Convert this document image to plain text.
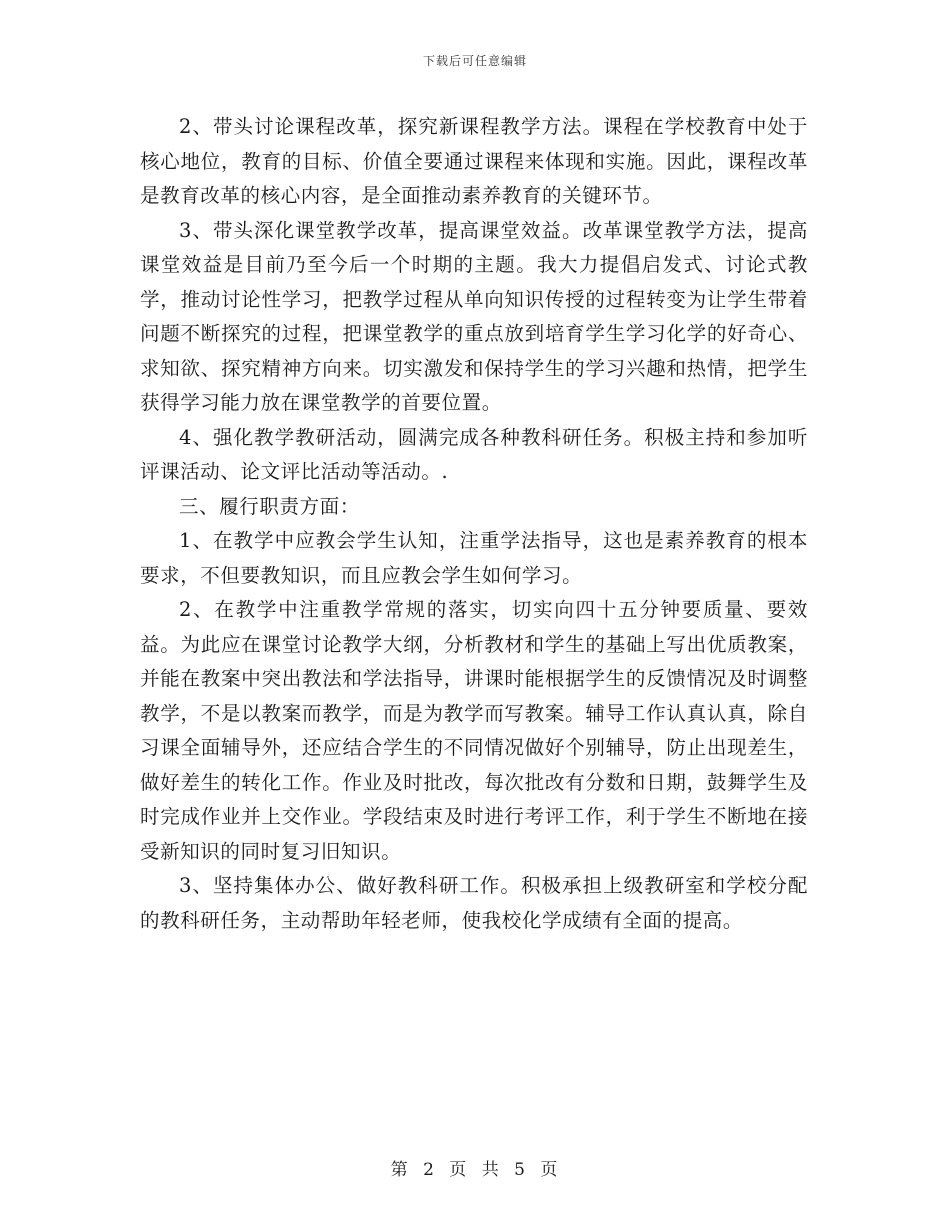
下载后可任意编辑

2、带头讨论课程改革，探究新课程教学方法。课程在学校教育中处于核心地位，教育的目标、价值全要通过课程来体现和实施。因此，课程改革是教育改革的核心内容，是全面推动素养教育的关键环节。

3、带头深化课堂教学改革，提高课堂效益。改革课堂教学方法，提高课堂效益是目前乃至今后一个时期的主题。我大力提倡启发式、讨论式教学，推动讨论性学习，把教学过程从单向知识传授的过程转变为让学生带着问题不断探究的过程，把课堂教学的重点放到培育学生学习化学的好奇心、求知欲、探究精神方向来。切实激发和保持学生的学习兴趣和热情，把学生获得学习能力放在课堂教学的首要位置。

4、强化教学教研活动，圆满完成各种教科研任务。积极主持和参加听评课活动、论文评比活动等活动。.

三、履行职责方面：

1、在教学中应教会学生认知，注重学法指导，这也是素养教育的根本要求，不但要教知识，而且应教会学生如何学习。

2、在教学中注重教学常规的落实，切实向四十五分钟要质量、要效益。为此应在课堂讨论教学大纲，分析教材和学生的基础上写出优质教案，并能在教案中突出教法和学法指导，讲课时能根据学生的反馈情况及时调整教学，不是以教案而教学，而是为教学而写教案。辅导工作认真认真，除自习课全面辅导外，还应结合学生的不同情况做好个别辅导，防止出现差生，做好差生的转化工作。作业及时批改，每次批改有分数和日期，鼓舞学生及时完成作业并上交作业。学段结束及时进行考评工作，利于学生不断地在接受新知识的同时复习旧知识。

3、坚持集体办公、做好教科研工作。积极承担上级教研室和学校分配的教科研任务，主动帮助年轻老师，使我校化学成绩有全面的提高。

第 2 页 共 5 页
